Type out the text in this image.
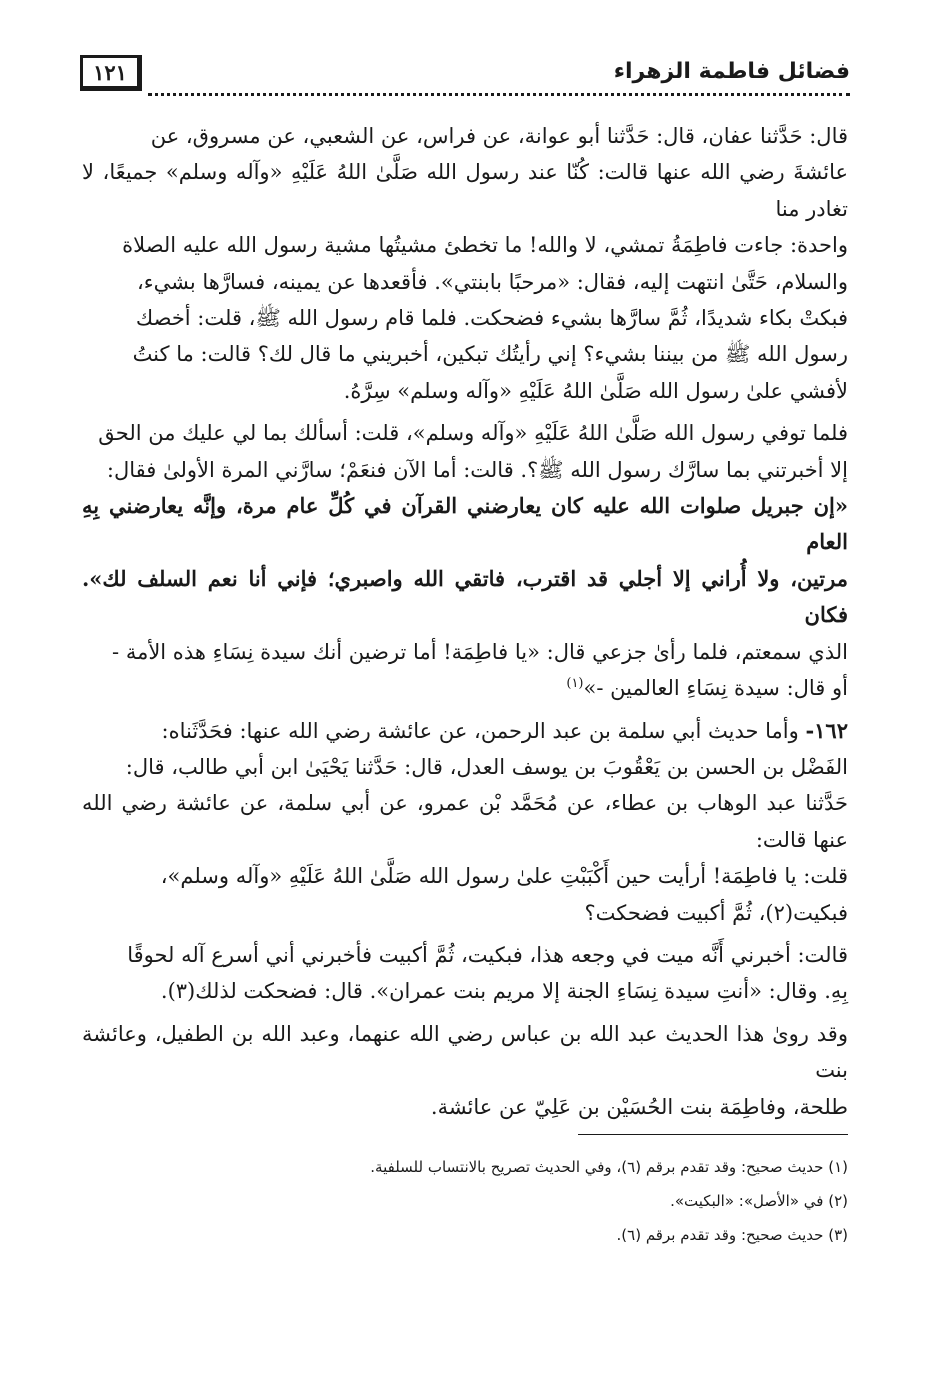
١٢١	فضائل فاطمة الزهراء

قال: حَدَّثنا عفان، قال: حَدَّثنا أبو عوانة، عن فراس، عن الشعبي، عن مسروق، عن

عائشةَ رضي الله عنها قالت: كُنّا عند رسول الله صَلَّىٰ اللهُ عَلَيْهِ «وآله وسلم» جميعًا، لا تغادر منا

واحدة: جاءت فاطِمَةُ تمشي، لا والله! ما تخطئ مشيتُها مشية رسول الله عليه الصلاة

والسلام، حَتَّىٰ انتهت إليه، فقال: «مرحبًا بابنتي». فأقعدها عن يمينه، فسارَّها بشيء،

فبكتْ بكاء شديدًا، ثُمَّ سارَّها بشيء فضحكت. فلما قام رسول الله ﷺ، قلت: أخصك

رسول الله ﷺ من بيننا بشيء؟ إني رأيتُك تبكين، أخبريني ما قال لك؟ قالت: ما كنتُ

لأفشي علىٰ رسول الله صَلَّىٰ اللهُ عَلَيْهِ «وآله وسلم» سِرَّهُ.

فلما توفي رسول الله صَلَّىٰ اللهُ عَلَيْهِ «وآله وسلم»، قلت: أسألك بما لي عليك من الحق

إلا أخبرتني بما سارَّك رسول الله ﷺ؟. قالت: أما الآن فنعَمْ؛ سارَّني المرة الأولىٰ فقال:

«إن جبريل صلوات الله عليه كان يعارضني القرآن في كُلِّ عام مرة، وإنَّه يعارضني بِهِ العام

مرتين، ولا أُراني إلا أجلي قد اقترب، فاتقي الله واصبري؛ فإني أنا نعم السلف لك». فكان

الذي سمعتم، فلما رأىٰ جزعي قال: «يا فاطِمَة! أما ترضين أنك سيدة نِسَاءِ هذه الأمة -

أو قال: سيدة نِسَاءِ العالمين -»$^{(١)}$

١٦٢- وأما حديث أبي سلمة بن عبد الرحمن، عن عائشة رضي الله عنها: فحَدَّثَناه:

الفَضْل بن الحسن بن يَعْقُوبَ بن يوسف العدل، قال: حَدَّثنا يَحْيَىٰ ابن أبي طالب، قال:

حَدَّثنا عبد الوهاب بن عطاء، عن مُحَمَّد بْن عمرو، عن أبي سلمة، عن عائشة رضي الله عنها قالت:

قلت: يا فاطِمَة! أرأيت حين أَكْبَبْتِ علىٰ رسول الله صَلَّىٰ اللهُ عَلَيْهِ «وآله وسلم»،

فبكيت(٢)، ثُمَّ أكبيت فضحكت؟

قالت: أخبرني أَنَّه ميت في وجعه هذا، فبكيت، ثُمَّ أكبيت فأخبرني أني أسرع آله لحوقًا

بِهِ. وقال: «أنتِ سيدة نِسَاءِ الجنة إلا مريم بنت عمران». قال: فضحكت لذلك(٣).

وقد روىٰ هذا الحديث عبد الله بن عباس رضي الله عنهما، وعبد الله بن الطفيل، وعائشة بنت

طلحة، وفاطِمَة بنت الحُسَيْن بن عَلِيّ عن عائشة.

(١) حديث صحيح: وقد تقدم برقم (٦)، وفي الحديث تصريح بالانتساب للسلفية.
(٢) في «الأصل»: «البكيت».
(٣) حديث صحيح: وقد تقدم برقم (٦).
